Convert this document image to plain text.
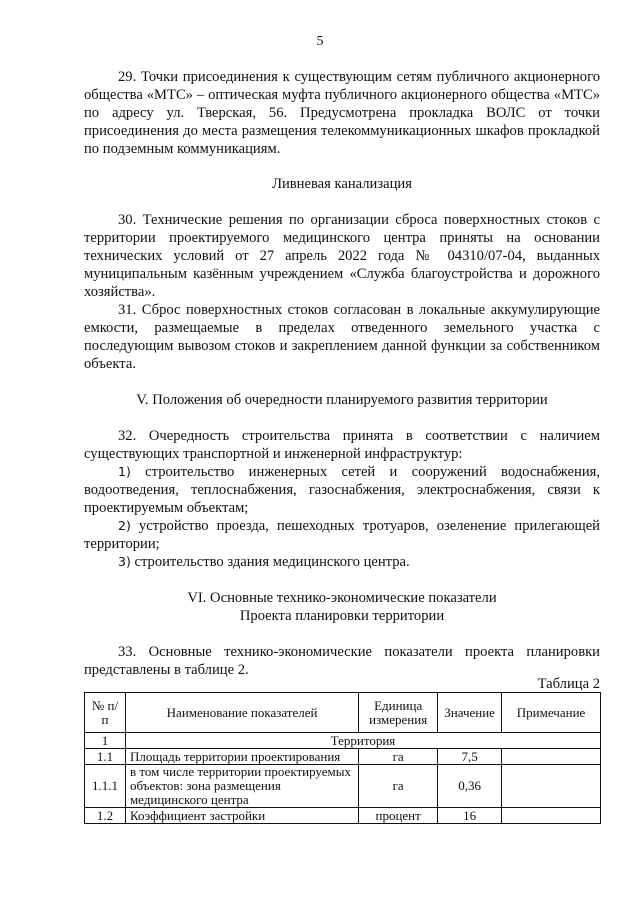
5

29. Точки присоединения к существующим сетям публичного акционерного общества «МТС» – оптическая муфта публичного акционерного общества «МТС» по адресу ул. Тверская, 56. Предусмотрена прокладка ВОЛС от точки присоединения до места размещения телекоммуникационных шкафов прокладкой по подземным коммуникациям.

Ливневая канализация

30. Технические решения по организации сброса поверхностных стоков с территории проектируемого медицинского центра приняты на основании технических условий от 27 апрель 2022 года № 04310/07-04, выданных муниципальным казённым учреждением «Служба благоустройства и дорожного хозяйства».

31. Сброс поверхностных стоков согласован в локальные аккумулирующие емкости, размещаемые в пределах отведенного земельного участка с последующим вывозом стоков и закреплением данной функции за собственником объекта.

V. Положения об очередности планируемого развития территории

32. Очередность строительства принята в соответствии с наличием существующих транспортной и инженерной инфраструктур:

1) строительство инженерных сетей и сооружений водоснабжения, водоотведения, теплоснабжения, газоснабжения, электроснабжения, связи к проектируемым объектам;

2) устройство проезда, пешеходных тротуаров, озеленение прилегающей территории;

3) строительство здания медицинского центра.

VI. Основные технико-экономические показатели

Проекта планировки территории

33. Основные технико-экономические показатели проекта планировки представлены в таблице 2.

Таблица 2
№ п/п	Наименование показателей	Единица измерения	Значение	Примечание
1	Территория			
1.1	Площадь территории проектирования	га	7,5	
1.1.1	в том числе территории проектируемых объектов: зона размещения медицинского центра	га	0,36	
1.2	Коэффициент застройки	процент	16	
